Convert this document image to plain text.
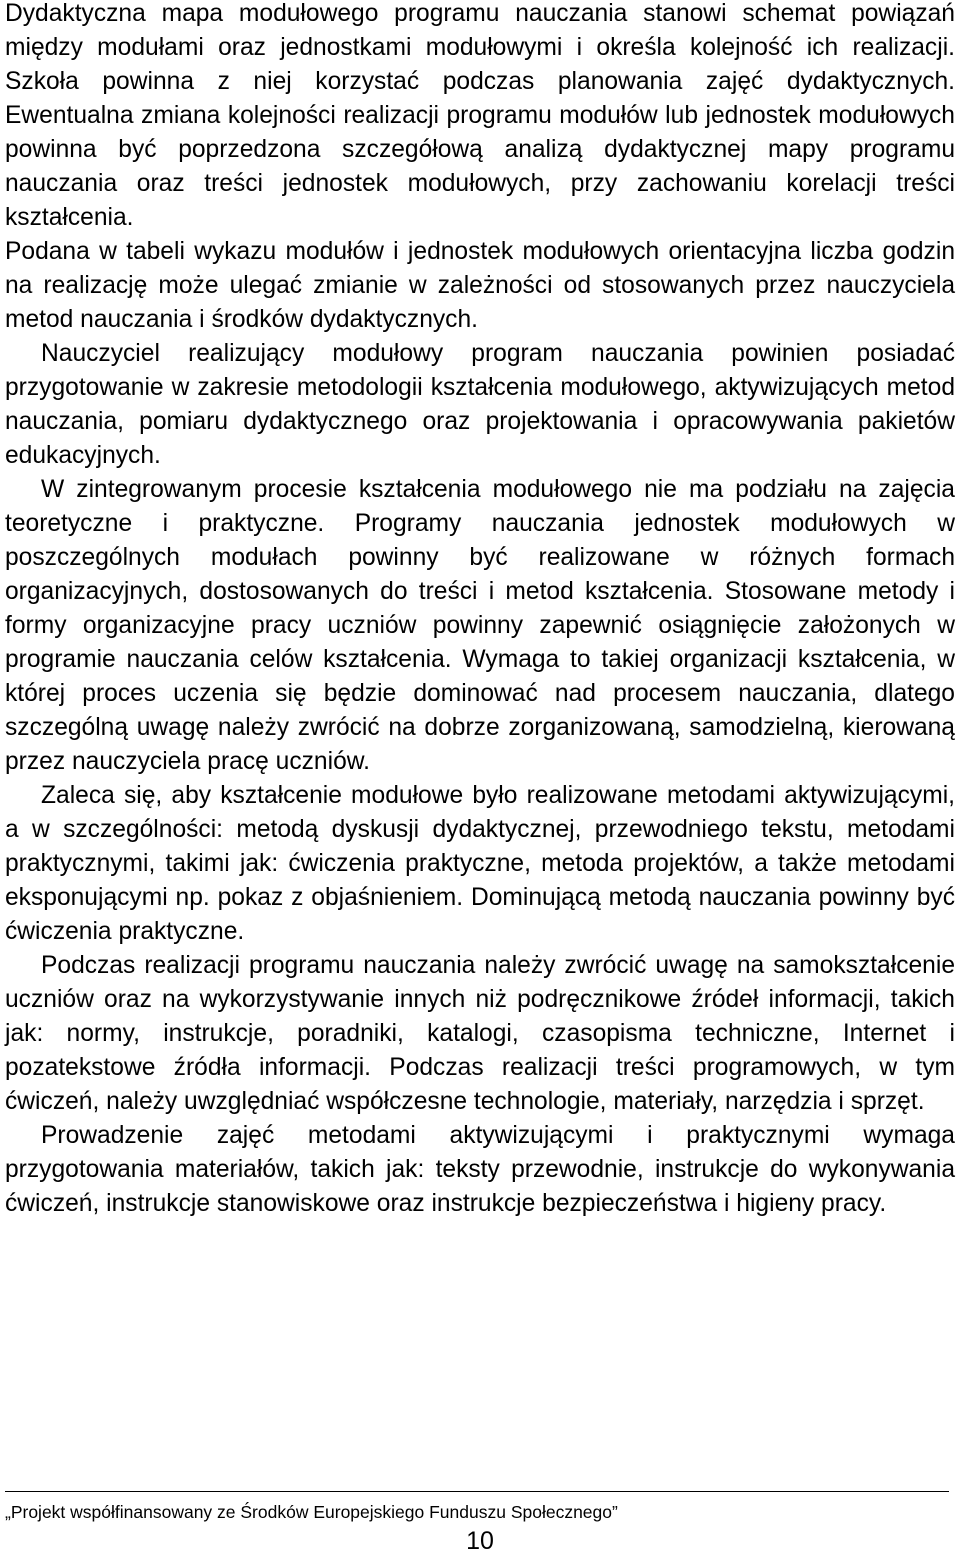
Dydaktyczna mapa modułowego programu nauczania stanowi schemat powiązań między modułami oraz jednostkami modułowymi i określa kolejność ich realizacji. Szkoła powinna z niej korzystać podczas planowania zajęć dydaktycznych. Ewentualna zmiana kolejności realizacji programu modułów lub jednostek modułowych powinna być poprzedzona szczegółową analizą dydaktycznej mapy programu nauczania oraz treści jednostek modułowych, przy zachowaniu korelacji treści kształcenia.

Podana w tabeli wykazu modułów i jednostek modułowych orientacyjna liczba godzin na realizację może ulegać zmianie w zależności od stosowanych przez nauczyciela metod nauczania i środków dydaktycznych.

Nauczyciel realizujący modułowy program nauczania powinien posiadać przygotowanie w zakresie metodologii kształcenia modułowego, aktywizujących metod nauczania, pomiaru dydaktycznego oraz projektowania i opracowywania pakietów edukacyjnych.

W zintegrowanym procesie kształcenia modułowego nie ma podziału na zajęcia teoretyczne i praktyczne. Programy nauczania jednostek modułowych w poszczególnych modułach powinny być realizowane w różnych formach organizacyjnych, dostosowanych do treści i metod kształcenia. Stosowane metody i formy organizacyjne pracy uczniów powinny zapewnić osiągnięcie założonych w programie nauczania celów kształcenia. Wymaga to takiej organizacji kształcenia, w której proces uczenia się będzie dominować nad procesem nauczania, dlatego szczególną uwagę należy zwrócić na dobrze zorganizowaną, samodzielną, kierowaną przez nauczyciela pracę uczniów.

Zaleca się, aby kształcenie modułowe było realizowane metodami aktywizującymi, a w szczególności: metodą dyskusji dydaktycznej, przewodniego tekstu, metodami praktycznymi, takimi jak: ćwiczenia praktyczne, metoda projektów, a także metodami eksponującymi np. pokaz z objaśnieniem. Dominującą metodą nauczania powinny być ćwiczenia praktyczne.

Podczas realizacji programu nauczania należy zwrócić uwagę na samokształcenie uczniów oraz na wykorzystywanie innych niż podręcznikowe źródeł informacji, takich jak: normy, instrukcje, poradniki, katalogi, czasopisma techniczne, Internet i pozatekstowe źródła informacji. Podczas realizacji treści programowych, w tym ćwiczeń, należy uwzględniać współczesne technologie, materiały, narzędzia i sprzęt.

Prowadzenie zajęć metodami aktywizującymi i praktycznymi wymaga przygotowania materiałów, takich jak: teksty przewodnie, instrukcje do wykonywania ćwiczeń, instrukcje stanowiskowe oraz instrukcje bezpieczeństwa i higieny pracy.

„Projekt współfinansowany ze Środków Europejskiego Funduszu Społecznego”
10
